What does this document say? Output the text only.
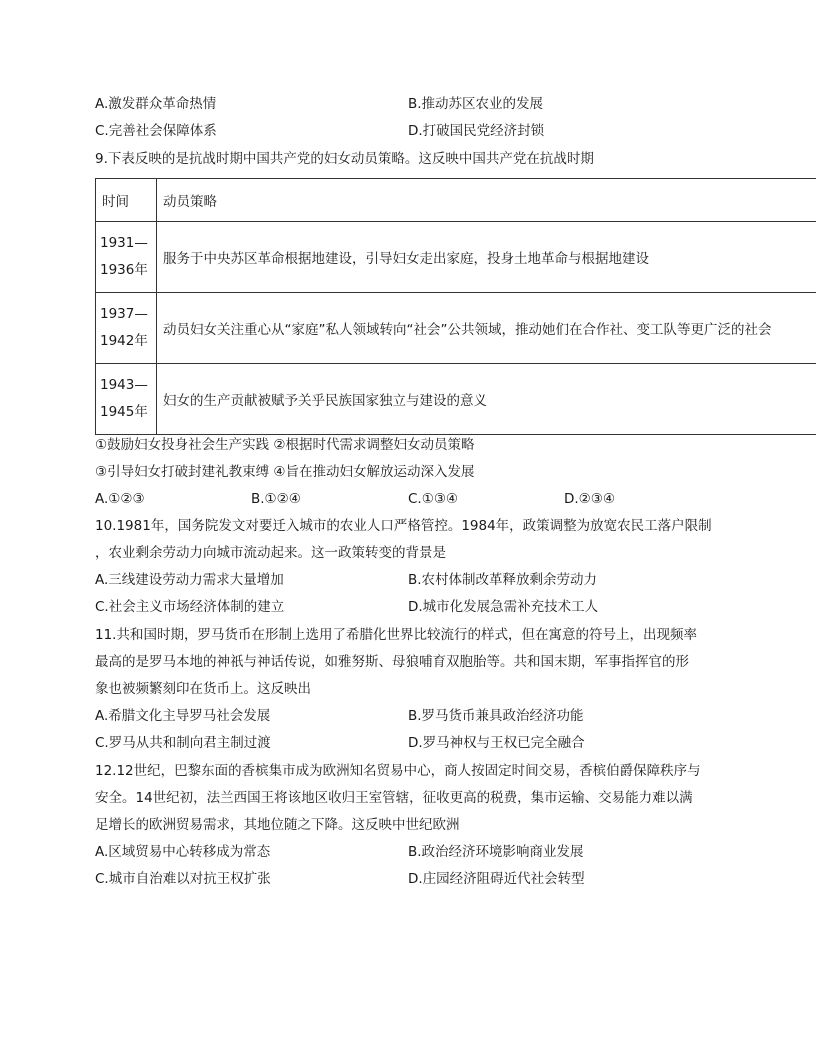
A.激发群众革命热情	B.推动苏区农业的发展
C.完善社会保障体系	D.打破国民党经济封锁
9.下表反映的是抗战时期中国共产党的妇女动员策略。这反映中国共产党在抗战时期
时间	动员策略

1931—
1936年	服务于中央苏区革命根据地建设，引导妇女走出家庭，投身土地革命与根据地建设

1937—
1942年	动员妇女关注重心从“家庭”私人领域转向“社会”公共领域，推动她们在合作社、变工队等更广泛的社会

1943—
1945年	妇女的生产贡献被赋予关乎民族国家独立与建设的意义
①鼓励妇女投身社会生产实践 ②根据时代需求调整妇女动员策略
③引导妇女打破封建礼教束缚 ④旨在推动妇女解放运动深入发展
A.①②③	B.①②④	C.①③④	D.②③④
10.1981年，国务院发文对要迁入城市的农业人口严格管控。1984年，政策调整为放宽农民工落户限制
，农业剩余劳动力向城市流动起来。这一政策转变的背景是
A.三线建设劳动力需求大量增加	B.农村体制改革释放剩余劳动力
C.社会主义市场经济体制的建立	D.城市化发展急需补充技术工人
11.共和国时期，罗马货币在形制上选用了希腊化世界比较流行的样式，但在寓意的符号上，出现频率
最高的是罗马本地的神祇与神话传说，如雅努斯、母狼哺育双胞胎等。共和国末期，军事指挥官的形
象也被频繁刻印在货币上。这反映出
A.希腊文化主导罗马社会发展	B.罗马货币兼具政治经济功能
C.罗马从共和制向君主制过渡	D.罗马神权与王权已完全融合
12.12世纪，巴黎东面的香槟集市成为欧洲知名贸易中心，商人按固定时间交易，香槟伯爵保障秩序与
安全。14世纪初，法兰西国王将该地区收归王室管辖，征收更高的税费，集市运输、交易能力难以满
足增长的欧洲贸易需求，其地位随之下降。这反映中世纪欧洲
A.区域贸易中心转移成为常态	B.政治经济环境影响商业发展
C.城市自治难以对抗王权扩张	D.庄园经济阻碍近代社会转型
